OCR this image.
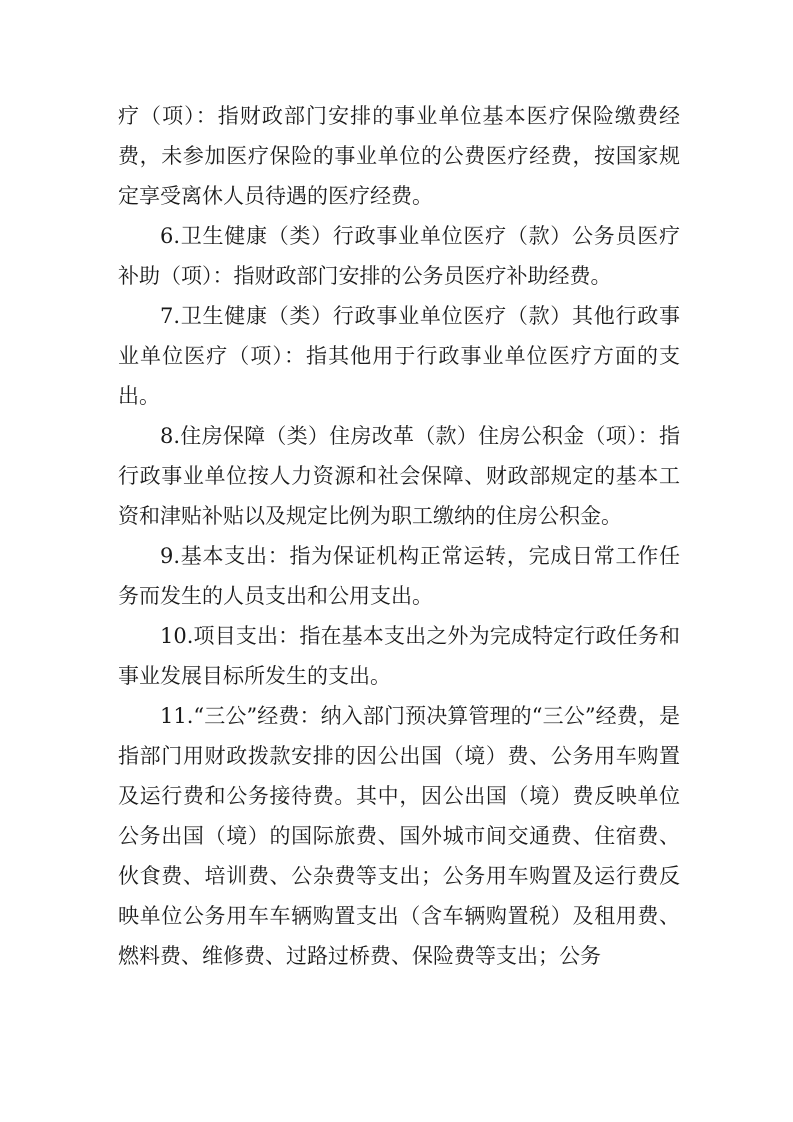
疗（项）：指财政部门安排的事业单位基本医疗保险缴费经费，未参加医疗保险的事业单位的公费医疗经费，按国家规定享受离休人员待遇的医疗经费。

6.卫生健康（类）行政事业单位医疗（款）公务员医疗补助（项）：指财政部门安排的公务员医疗补助经费。

7.卫生健康（类）行政事业单位医疗（款）其他行政事业单位医疗（项）：指其他用于行政事业单位医疗方面的支出。

8.住房保障（类）住房改革（款）住房公积金（项）：指行政事业单位按人力资源和社会保障、财政部规定的基本工资和津贴补贴以及规定比例为职工缴纳的住房公积金。

9.基本支出：指为保证机构正常运转，完成日常工作任务而发生的人员支出和公用支出。

10.项目支出：指在基本支出之外为完成特定行政任务和事业发展目标所发生的支出。

11.“三公”经费：纳入部门预决算管理的“三公”经费，是指部门用财政拨款安排的因公出国（境）费、公务用车购置及运行费和公务接待费。其中，因公出国（境）费反映单位公务出国（境）的国际旅费、国外城市间交通费、住宿费、伙食费、培训费、公杂费等支出；公务用车购置及运行费反映单位公务用车车辆购置支出（含车辆购置税）及租用费、燃料费、维修费、过路过桥费、保险费等支出；公务
